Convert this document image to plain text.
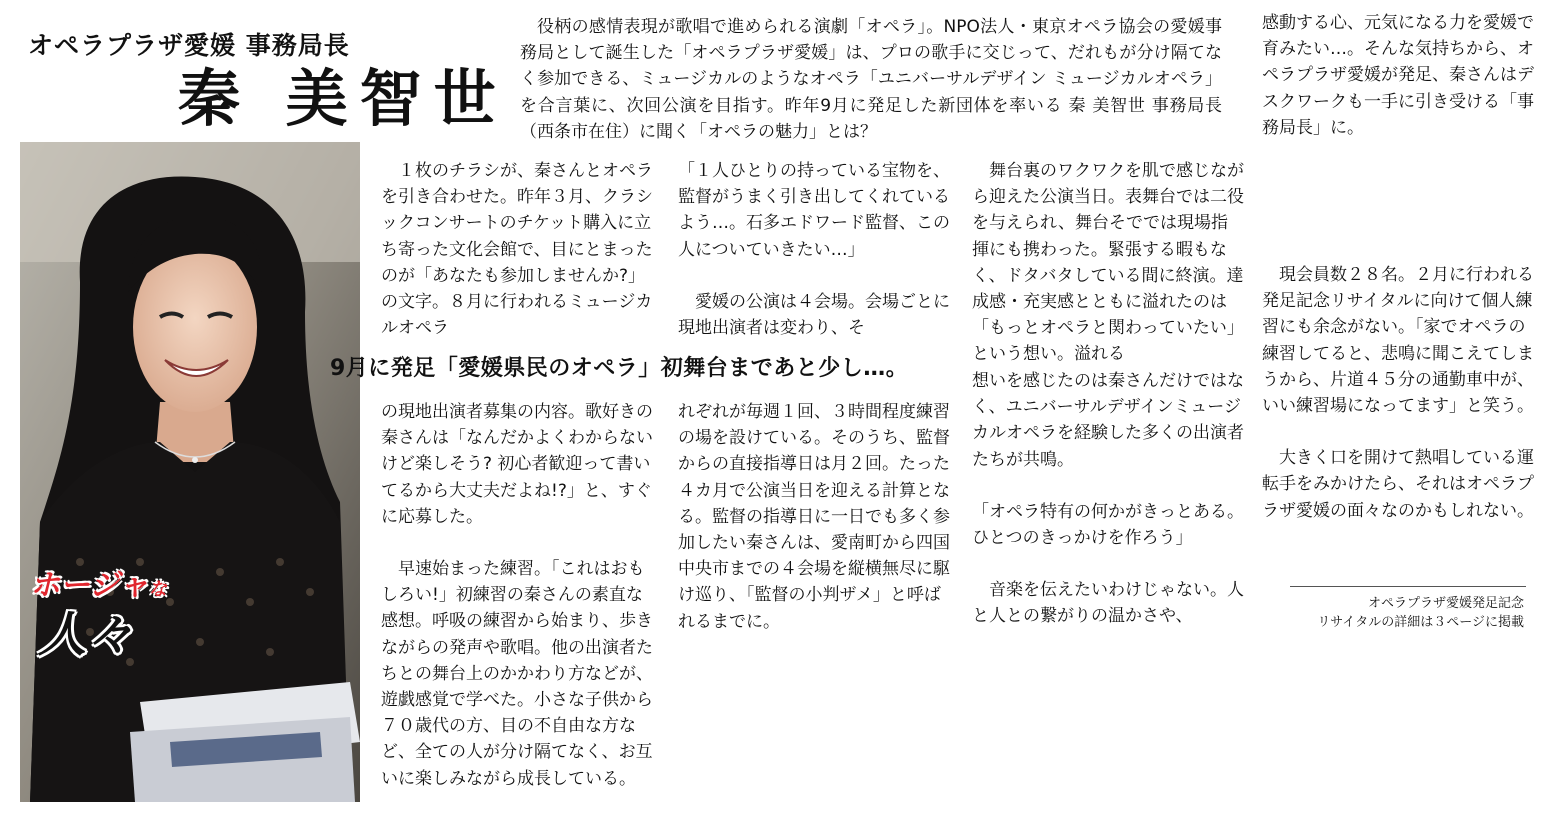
オペラプラザ愛媛 事務局長
秦 美智世

役柄の感情表現が歌唱で進められる演劇「オペラ」。NPO法人・東京オペラ協会の愛媛事務局として誕生した「オペラプラザ愛媛」は、プロの歌手に交じって、だれもが分け隔てなく参加できる、ミュージカルのようなオペラ「ユニバーサルデザイン ミュージカルオペラ」を合言葉に、次回公演を目指す。昨年9月に発足した新団体を率いる 秦 美智世 事務局長（西条市在住）に聞く「オペラの魅力」とは？

感動する心、元気になる力を愛媛で育みたい…。そんな気持ちから、オペラプラザ愛媛が発足、秦さんはデスクワークも一手に引き受ける「事務局長」に。

ホージャな
人々

１枚のチラシが、秦さんとオペラを引き合わせた。昨年３月、クラシックコンサートのチケット購入に立ち寄った文化会館で、目にとまったのが「あなたも参加しませんか?」の文字。８月に行われるミュージカルオペラ

の現地出演者募集の内容。歌好きの秦さんは「なんだかよくわからないけど楽しそう? 初心者歓迎って書いてるから大丈夫だよね!?」と、すぐに応募した。

早速始まった練習。「これはおもしろい!」初練習の秦さんの素直な感想。呼吸の練習から始まり、歩きながらの発声や歌唱。他の出演者たちとの舞台上のかかわり方などが、遊戯感覚で学べた。小さな子供から７０歳代の方、目の不自由な方など、全ての人が分け隔てなく、お互いに楽しみながら成長している。

「１人ひとりの持っている宝物を、監督がうまく引き出してくれているよう…。石多エドワード監督、この人についていきたい…」

愛媛の公演は４会場。会場ごとに現地出演者は変わり、そ

れぞれが毎週１回、３時間程度練習の場を設けている。そのうち、監督からの直接指導日は月２回。たった４カ月で公演当日を迎える計算となる。監督の指導日に一日でも多く参加したい秦さんは、愛南町から四国中央市までの４会場を縦横無尽に駆け巡り、「監督の小判ザメ」と呼ばれるまでに。

舞台裏のワクワクを肌で感じながら迎えた公演当日。表舞台では二役を与えられ、舞台そででは現場指揮にも携わった。緊張する暇もなく、ドタバタしている間に終演。達成感・充実感とともに溢れたのは「もっとオペラと関わっていたい」という想い。溢れる

想いを感じたのは秦さんだけではなく、ユニバーサルデザインミュージカルオペラを経験した多くの出演者たちが共鳴。

「オペラ特有の何かがきっとある。ひとつのきっかけを作ろう」

音楽を伝えたいわけじゃない。人と人との繋がりの温かさや、

現会員数２８名。２月に行われる発足記念リサイタルに向けて個人練習にも余念がない。「家でオペラの練習してると、悲鳴に聞こえてしまうから、片道４５分の通勤車中が、いい練習場になってます」と笑う。

大きく口を開けて熱唱している運転手をみかけたら、それはオペラプラザ愛媛の面々なのかもしれない。

9月に発足「愛媛県民のオペラ」初舞台まであと少し…。

オペラプラザ愛媛発足記念

リサイタルの詳細は３ページに掲載
